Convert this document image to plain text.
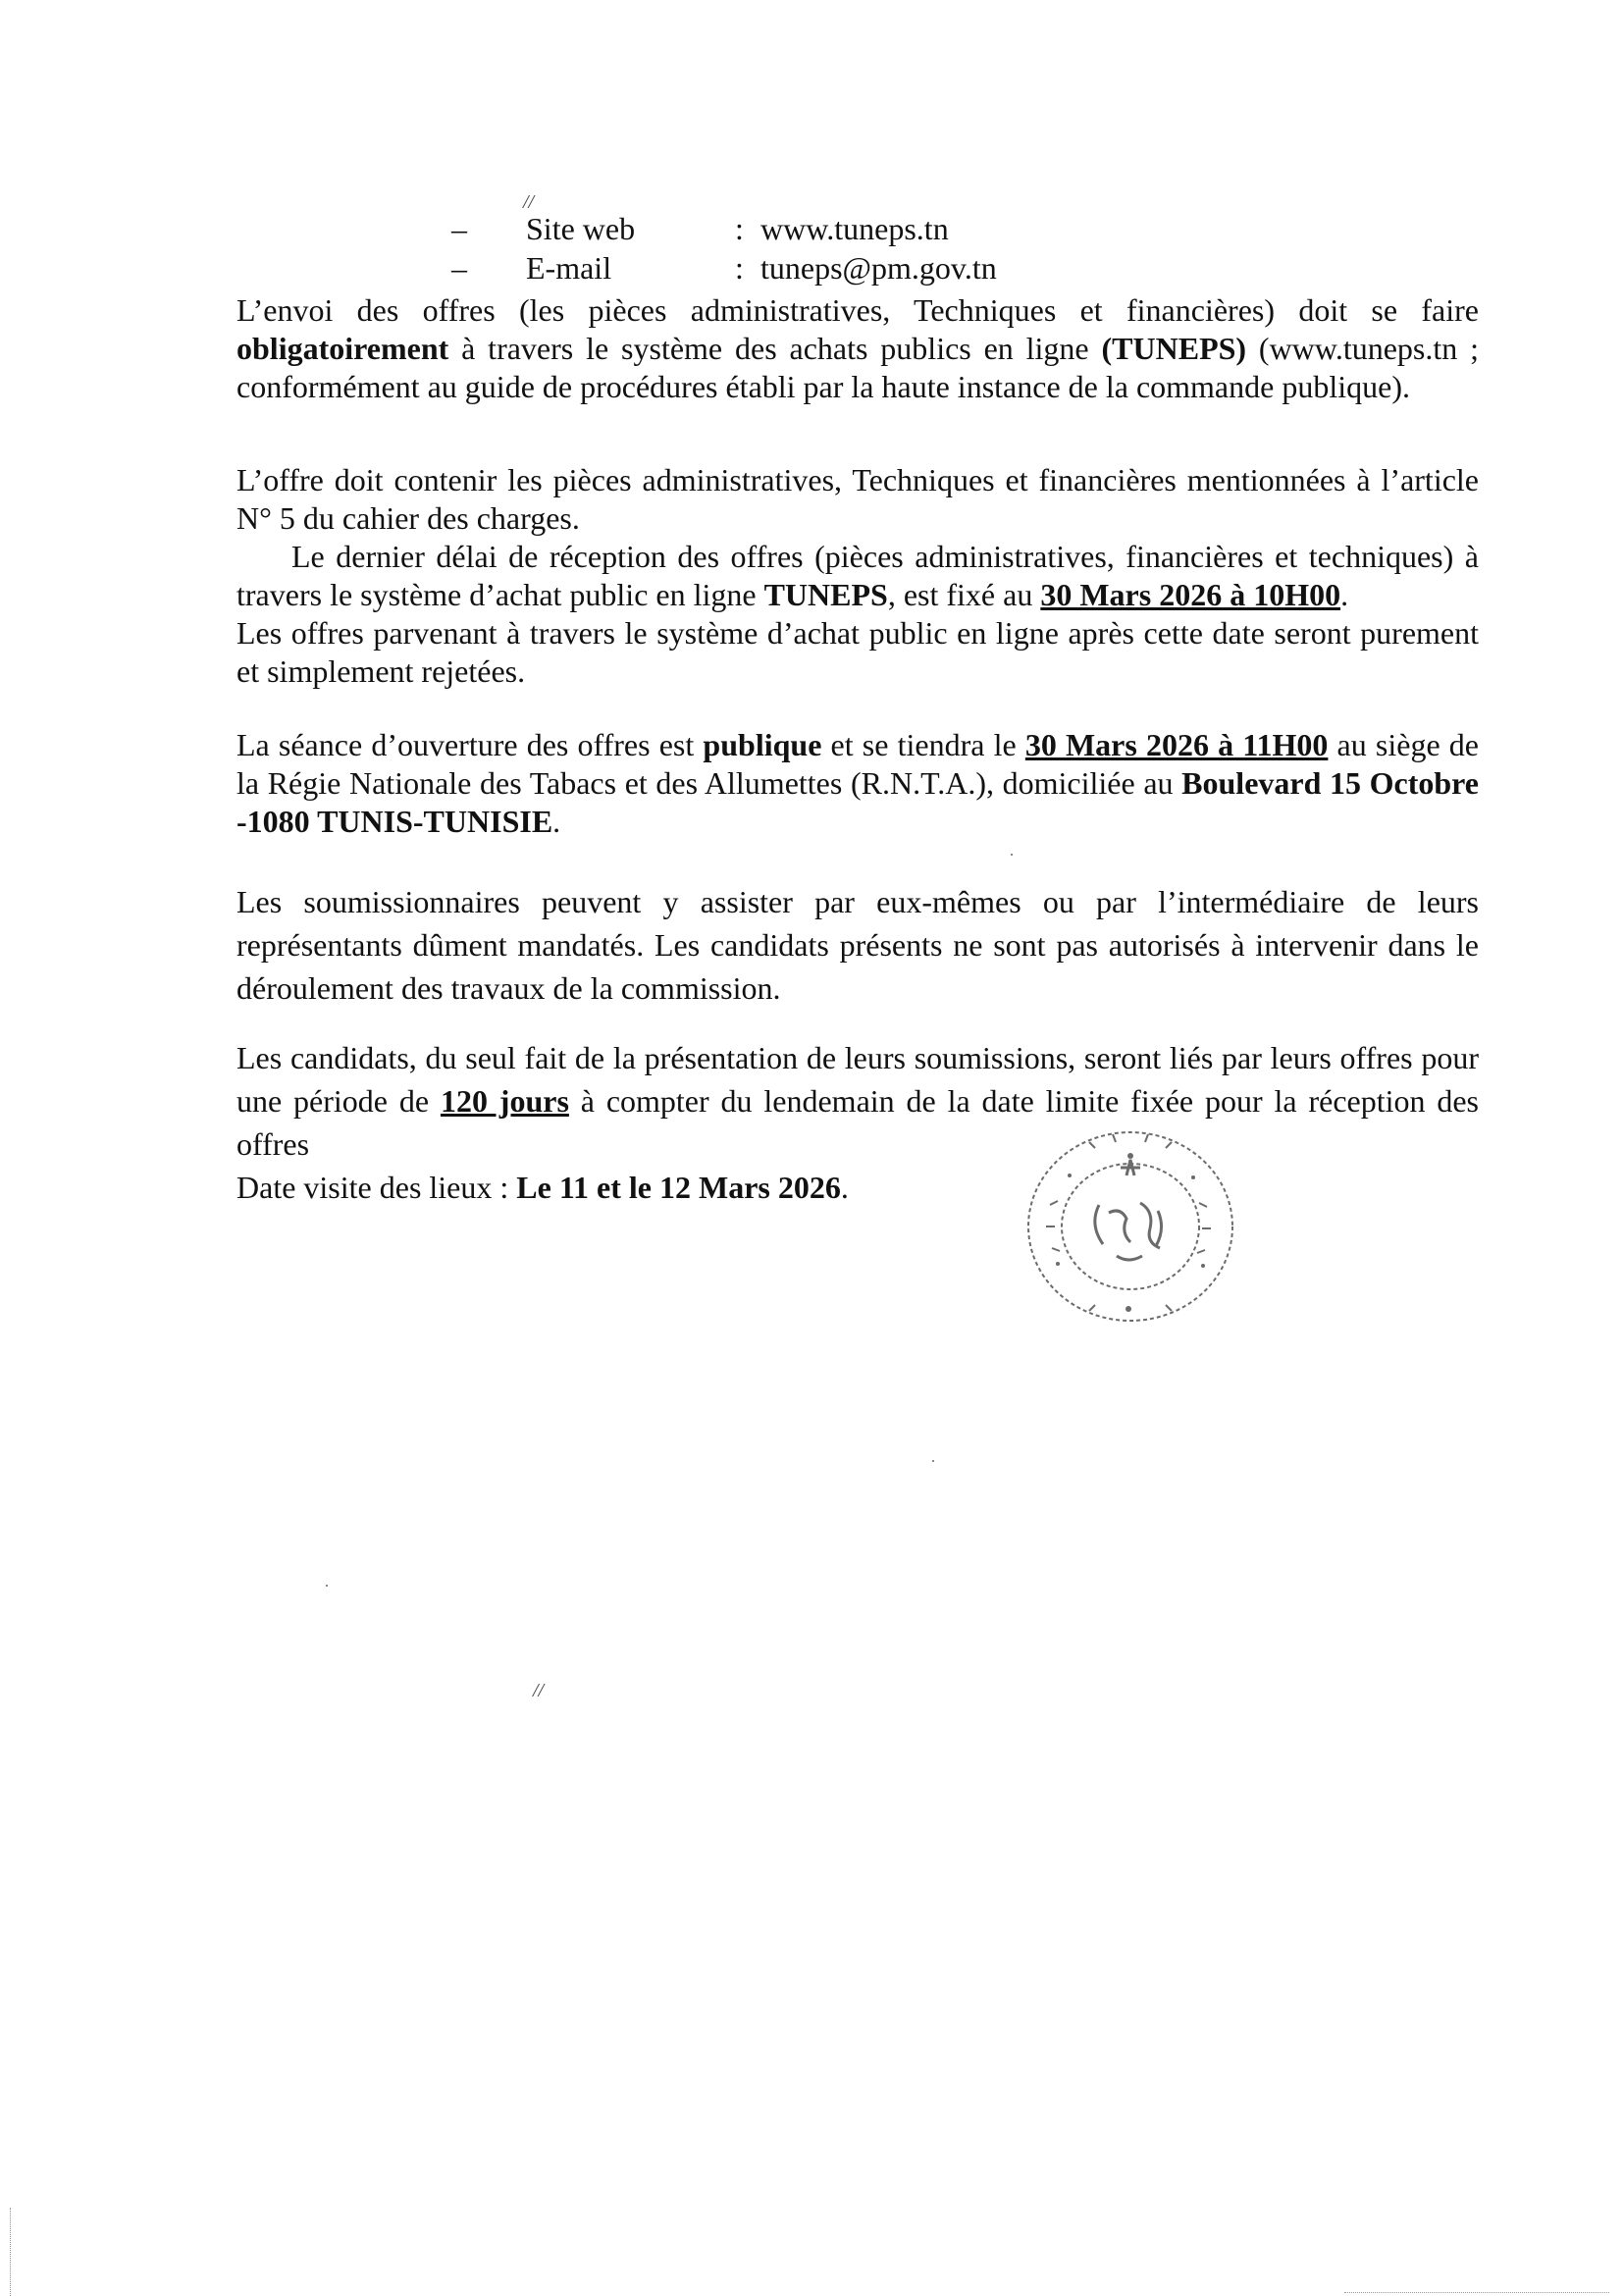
//
–	Site web	: www.tuneps.tn
–	E-mail	: tuneps@pm.gov.tn

L’envoi des offres (les pièces administratives, Techniques et financières) doit se faire obligatoirement à travers le système des achats publics en ligne (TUNEPS) (www.tuneps.tn ; conformément au guide de procédures établi par la haute instance de la commande publique).

L’offre doit contenir les pièces administratives, Techniques et financières mentionnées à l’article N° 5 du cahier des charges.

Le dernier délai de réception des offres (pièces administratives, financières et techniques) à travers le système d’achat public en ligne TUNEPS, est fixé au 30 Mars 2026 à 10H00.

Les offres parvenant à travers le système d’achat public en ligne après cette date seront purement et simplement rejetées.

La séance d’ouverture des offres est publique et se tiendra le 30 Mars 2026 à 11H00 au siège de la Régie Nationale des Tabacs et des Allumettes (R.N.T.A.), domiciliée au Boulevard 15 Octobre -1080 TUNIS-TUNISIE.

Les soumissionnaires peuvent y assister par eux-mêmes ou par l’intermédiaire de leurs représentants dûment mandatés. Les candidats présents ne sont pas autorisés à intervenir dans le déroulement des travaux de la commission.

Les candidats, du seul fait de la présentation de leurs soumissions, seront liés par leurs offres pour une période de 120 jours à compter du lendemain de la date limite fixée pour la réception des offres

Date visite des lieux : Le 11 et le 12 Mars 2026.

//
